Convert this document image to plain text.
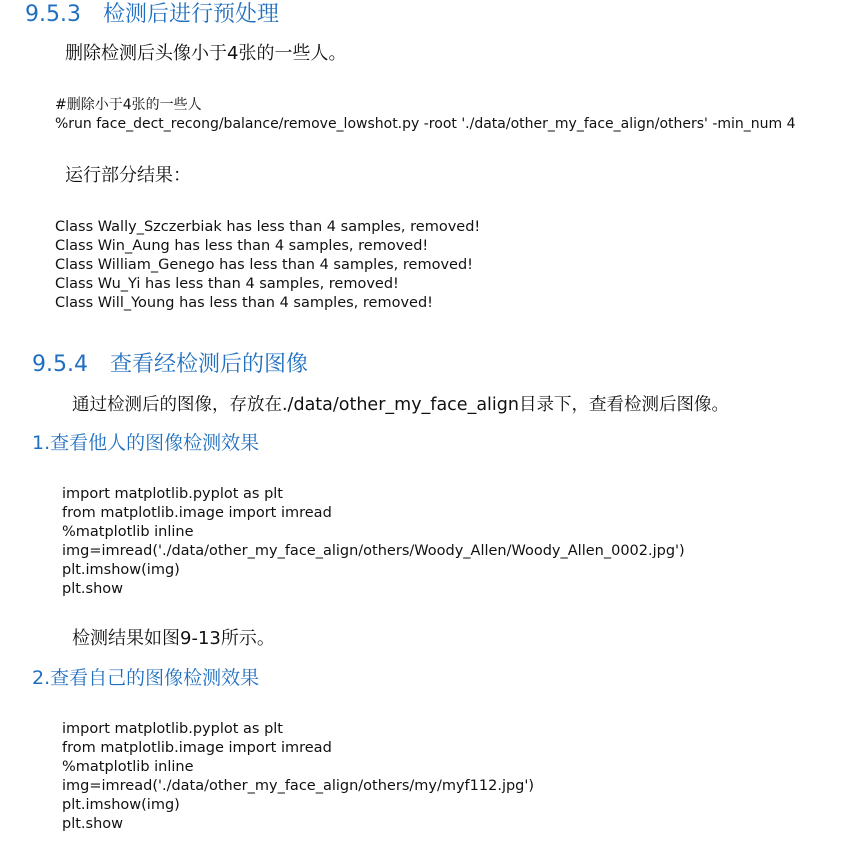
9.5.3 检测后进行预处理
删除检测后头像小于4张的一些人。
#删除小于4张的一些人
%run face_dect_recong/balance/remove_lowshot.py -root './data/other_my_face_align/others' -min_num 4
运行部分结果：
Class Wally_Szczerbiak has less than 4 samples, removed!
Class Win_Aung has less than 4 samples, removed!
Class William_Genego has less than 4 samples, removed!
Class Wu_Yi has less than 4 samples, removed!
Class Will_Young has less than 4 samples, removed!
9.5.4 查看经检测后的图像
通过检测后的图像，存放在./data/other_my_face_align目录下，查看检测后图像。
1.查看他人的图像检测效果
import matplotlib.pyplot as plt
from matplotlib.image import imread
%matplotlib inline
img=imread('./data/other_my_face_align/others/Woody_Allen/Woody_Allen_0002.jpg')
plt.imshow(img)
plt.show
检测结果如图9-13所示。
2.查看自己的图像检测效果
import matplotlib.pyplot as plt
from matplotlib.image import imread
%matplotlib inline
img=imread('./data/other_my_face_align/others/my/myf112.jpg')
plt.imshow(img)
plt.show
